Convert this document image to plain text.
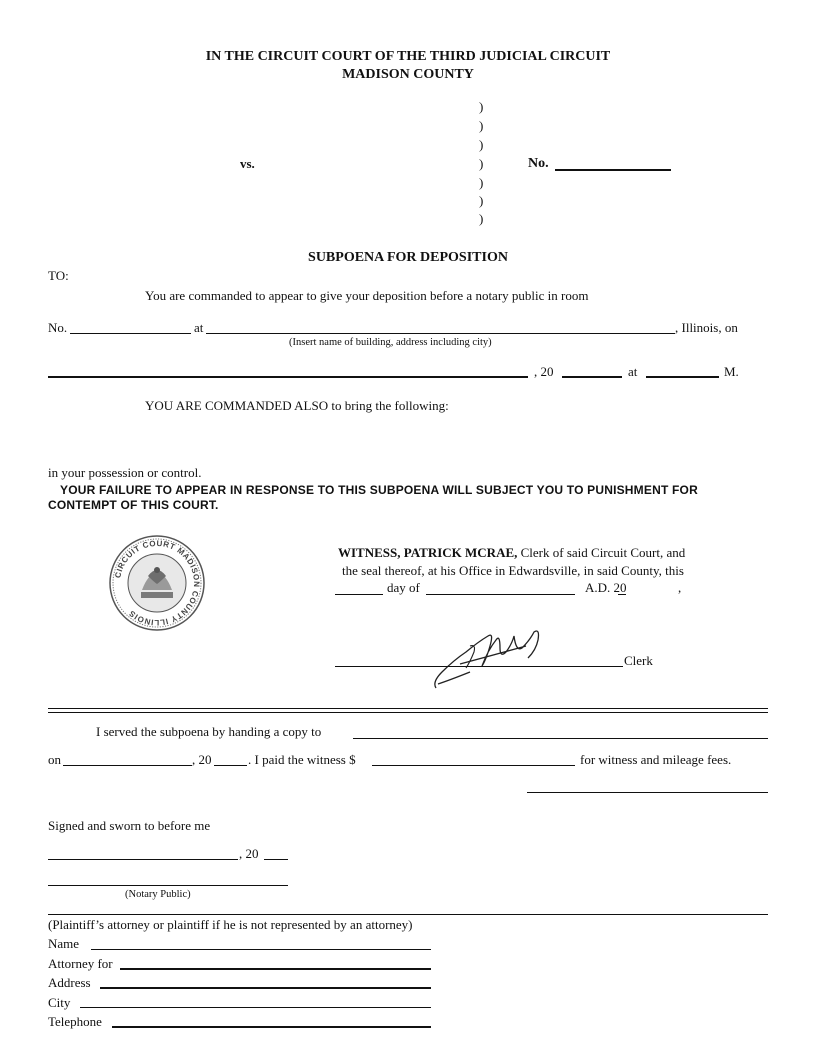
IN THE CIRCUIT COURT OF THE THIRD JUDICIAL CIRCUIT
MADISON COUNTY
)
)
)
)
)
)
)
vs.	No.
SUBPOENA FOR DEPOSITION
TO:
You are commanded to appear to give your deposition before a notary public in room
No.	at	, Illinois, on
(Insert name of building, address including city)
, 20	at	M.
YOU ARE COMMANDED ALSO to bring the following:
in your possession or control.
YOUR FAILURE TO APPEAR IN RESPONSE TO THIS SUBPOENA WILL SUBJECT YOU TO PUNISHMENT FOR
CONTEMPT OF THIS COURT.
CIRCUIT COURT MADISON COUNTY ILLINOIS
WITNESS, PATRICK MCRAE, Clerk of said Circuit Court, and
the seal thereof, at his Office in Edwardsville, in said County, this
day of	A.D. 20	,
Clerk
I served the subpoena by handing a copy to
on	, 20	. I paid the witness $	for witness and mileage fees.
Signed and sworn to before me
, 20
(Notary Public)
(Plaintiff’s attorney or plaintiff if he is not represented by an attorney)
Name
Attorney for
Address
City
Telephone
